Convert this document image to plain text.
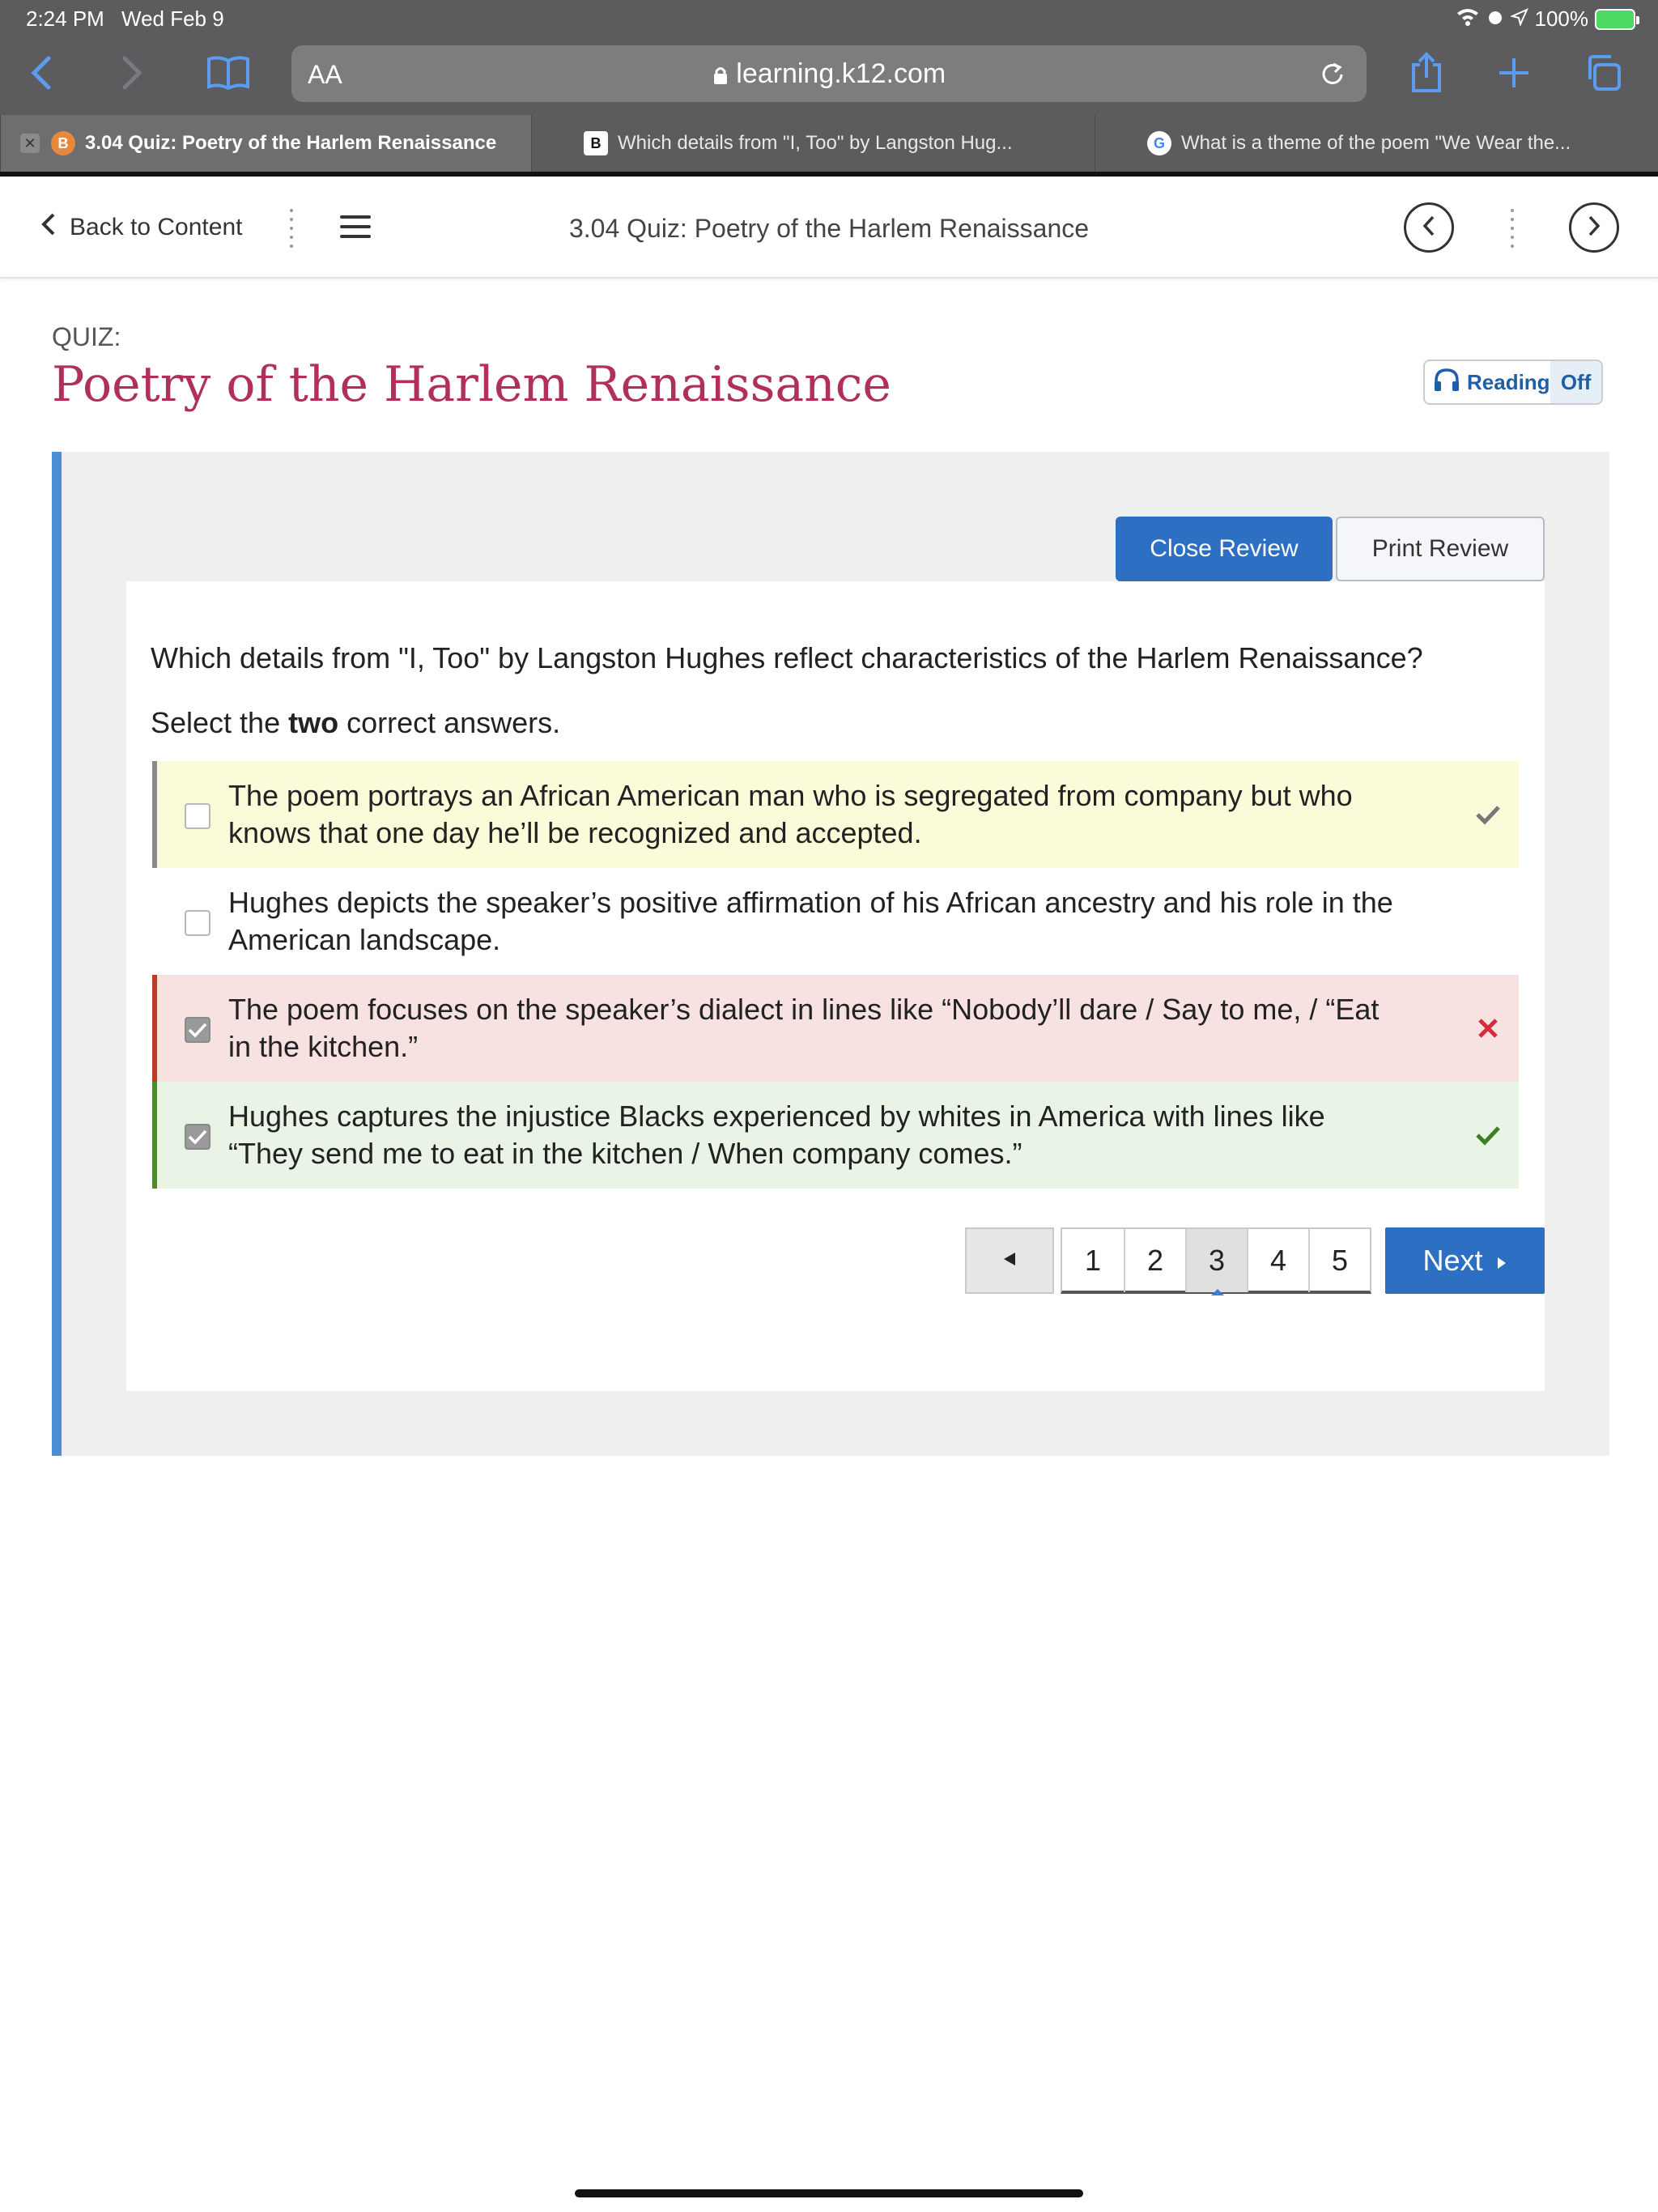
2:24 PM Wed Feb 9	100%
AA	learning.k12.com
✕	B 3.04 Quiz: Poetry of the Harlem Renaissance	B Which details from "I, Too" by Langston Hug...	G What is a theme of the poem "We Wear the...
Back to Content	3.04 Quiz: Poetry of the Harlem Renaissance
QUIZ:
Poetry of the Harlem Renaissance	Reading Off
Close Review	Print Review
Which details from "I, Too" by Langston Hughes reflect characteristics of the Harlem Renaissance?
Select the two correct answers.
The poem portrays an African American man who is segregated from company but who knows that one day he’ll be recognized and accepted.
Hughes depicts the speaker’s positive affirmation of his African ancestry and his role in the American landscape.
The poem focuses on the speaker’s dialect in lines like “Nobody’ll dare / Say to me, / “Eat in the kitchen.”
Hughes captures the injustice Blacks experienced by whites in America with lines like “They send me to eat in the kitchen / When company comes.”
1	2	3	4	5	Next
